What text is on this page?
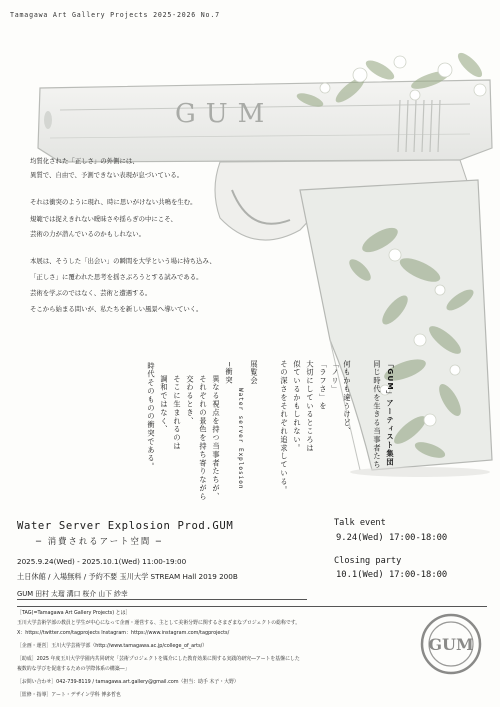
Tamagawa Art Gallery Projects 2025-2026 No.7
GUM
均質化された「正しさ」の外側には、
異質で、自由で、予測できない表現が息づいている。
それは衝突のように現れ、時に思いがけない共鳴を生む。
規範では捉えきれない曖昧さや揺らぎの中にこそ、
芸術の力が潜んでいるのかもしれない。
本展は、そうした「出会い」の瞬間を大学という場に持ち込み、
「正しさ」に覆われた思考を揺さぶろうとする試みである。
芸術を学ぶのではなく、芸術と遭遇する。
そこから始まる問いが、私たちを新しい風景へ導いていく。
「GUM」アーティスト集団
同じ時代を生きる当事者たち
何もかも違うけど、
「ノリ」
「ラフさ」を
大切にしているところは
似ているかもしれない。
その深さをそれぞれ追求している。
展覧会
Water server Explosion
─衝突
異なる視点を持つ当事者たちが、
それぞれの景色を持ち寄りながら
交わるとき、
そこに生まれるのは
調和ではなく、
時代そのものの衝突である。
Water Server Explosion Prod.GUM
─ 消費されるアート空間 ─
2025.9.24(Wed) - 2025.10.1(Wed) 11:00-19:00
土日休館 / 入場無料 / 予約不要 玉川大学 STREAM Hall 2019 200B
GUM 田村 太瑠 溝口 桜介 山下 紗幸
Talk event
9.24(Wed) 17:00-18:00
Closing party
10.1(Wed) 17:00-18:00
［TAG(=Tamagawa Art Gallery Projects) とは］
玉川大学芸術学部の教員と学生が中心になって企画・運営する、主として美術分野に関するさまざまなプロジェクトの総称です。
X：https://twitter.com/tagprojects Instagram：https://www.instagram.com/tagprojects/
［企画・運営］玉川大学芸術学部（http://www.tamagawa.ac.jp/college_of_arts/）
［助成］2025 年度玉川大学学園内共同研究「芸術プロジェクトを媒介にした教育効果に関する実践的研究―アートを基盤にした
複数的な学びを促進するための学際体系の構築―」
［お問い合わせ］042-739-8119 / tamagawa.art.gallery@gmail.com（担当：助手 木子・大野）
［監修・指導］アート・デザイン学科 博多哲也
GUM
